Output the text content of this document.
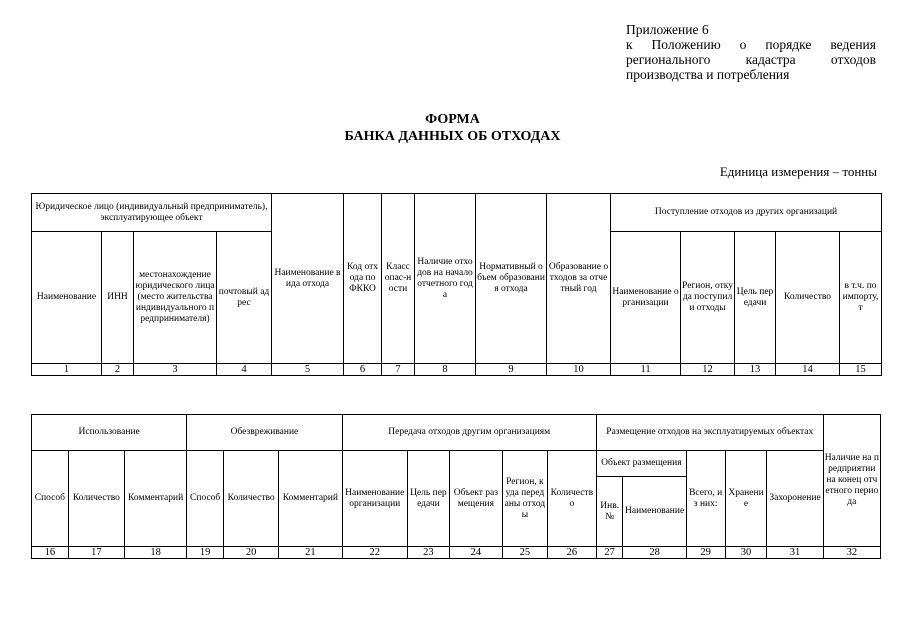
Приложение 6
к Положению о порядке ведения
регионального кадастра отходов
производства и потребления
ФОРМА
БАНКА ДАННЫХ ОБ ОТХОДАХ
Единица измерения – тонны
Юридическое лицо (индивидуальный предприниматель), эксплуатирующее объект				Наименование вида отхода	Код отхода по ФККО	Класс опас-ности	Наличие отходов на начало отчетного года	Нормативный объем образования отхода	Образование отходов за отчетный год	Поступление отходов из других организаций				
Наименование	ИНН	местонахождение юридического лица (место жительства индивидуального предпринимателя)	почтовый адрес							Наименование организации	Регион, откуда поступили отходы	Цель передачи	Количество	в т.ч. по импорту, т
1	2	3	4	5	6	7	8	9	10	11	12	13	14	15
Использование			Обезвреживание			Передача отходов другим организациям					Размещение отходов на эксплуатируемых объектах					Наличие на предприятии на конец отчетного периода

Способ	Количество	Комментарий	Способ	Количество	Комментарий	Наименование организации	Цель передачи	Объект размещения	Регион, куда переданы отходы	Количество	Объект размещения		Всего, из них:	Хранение	Захоронение	
											Инв. №	Наименование				
16	17	18	19	20	21	22	23	24	25	26	27	28	29	30	31	32
